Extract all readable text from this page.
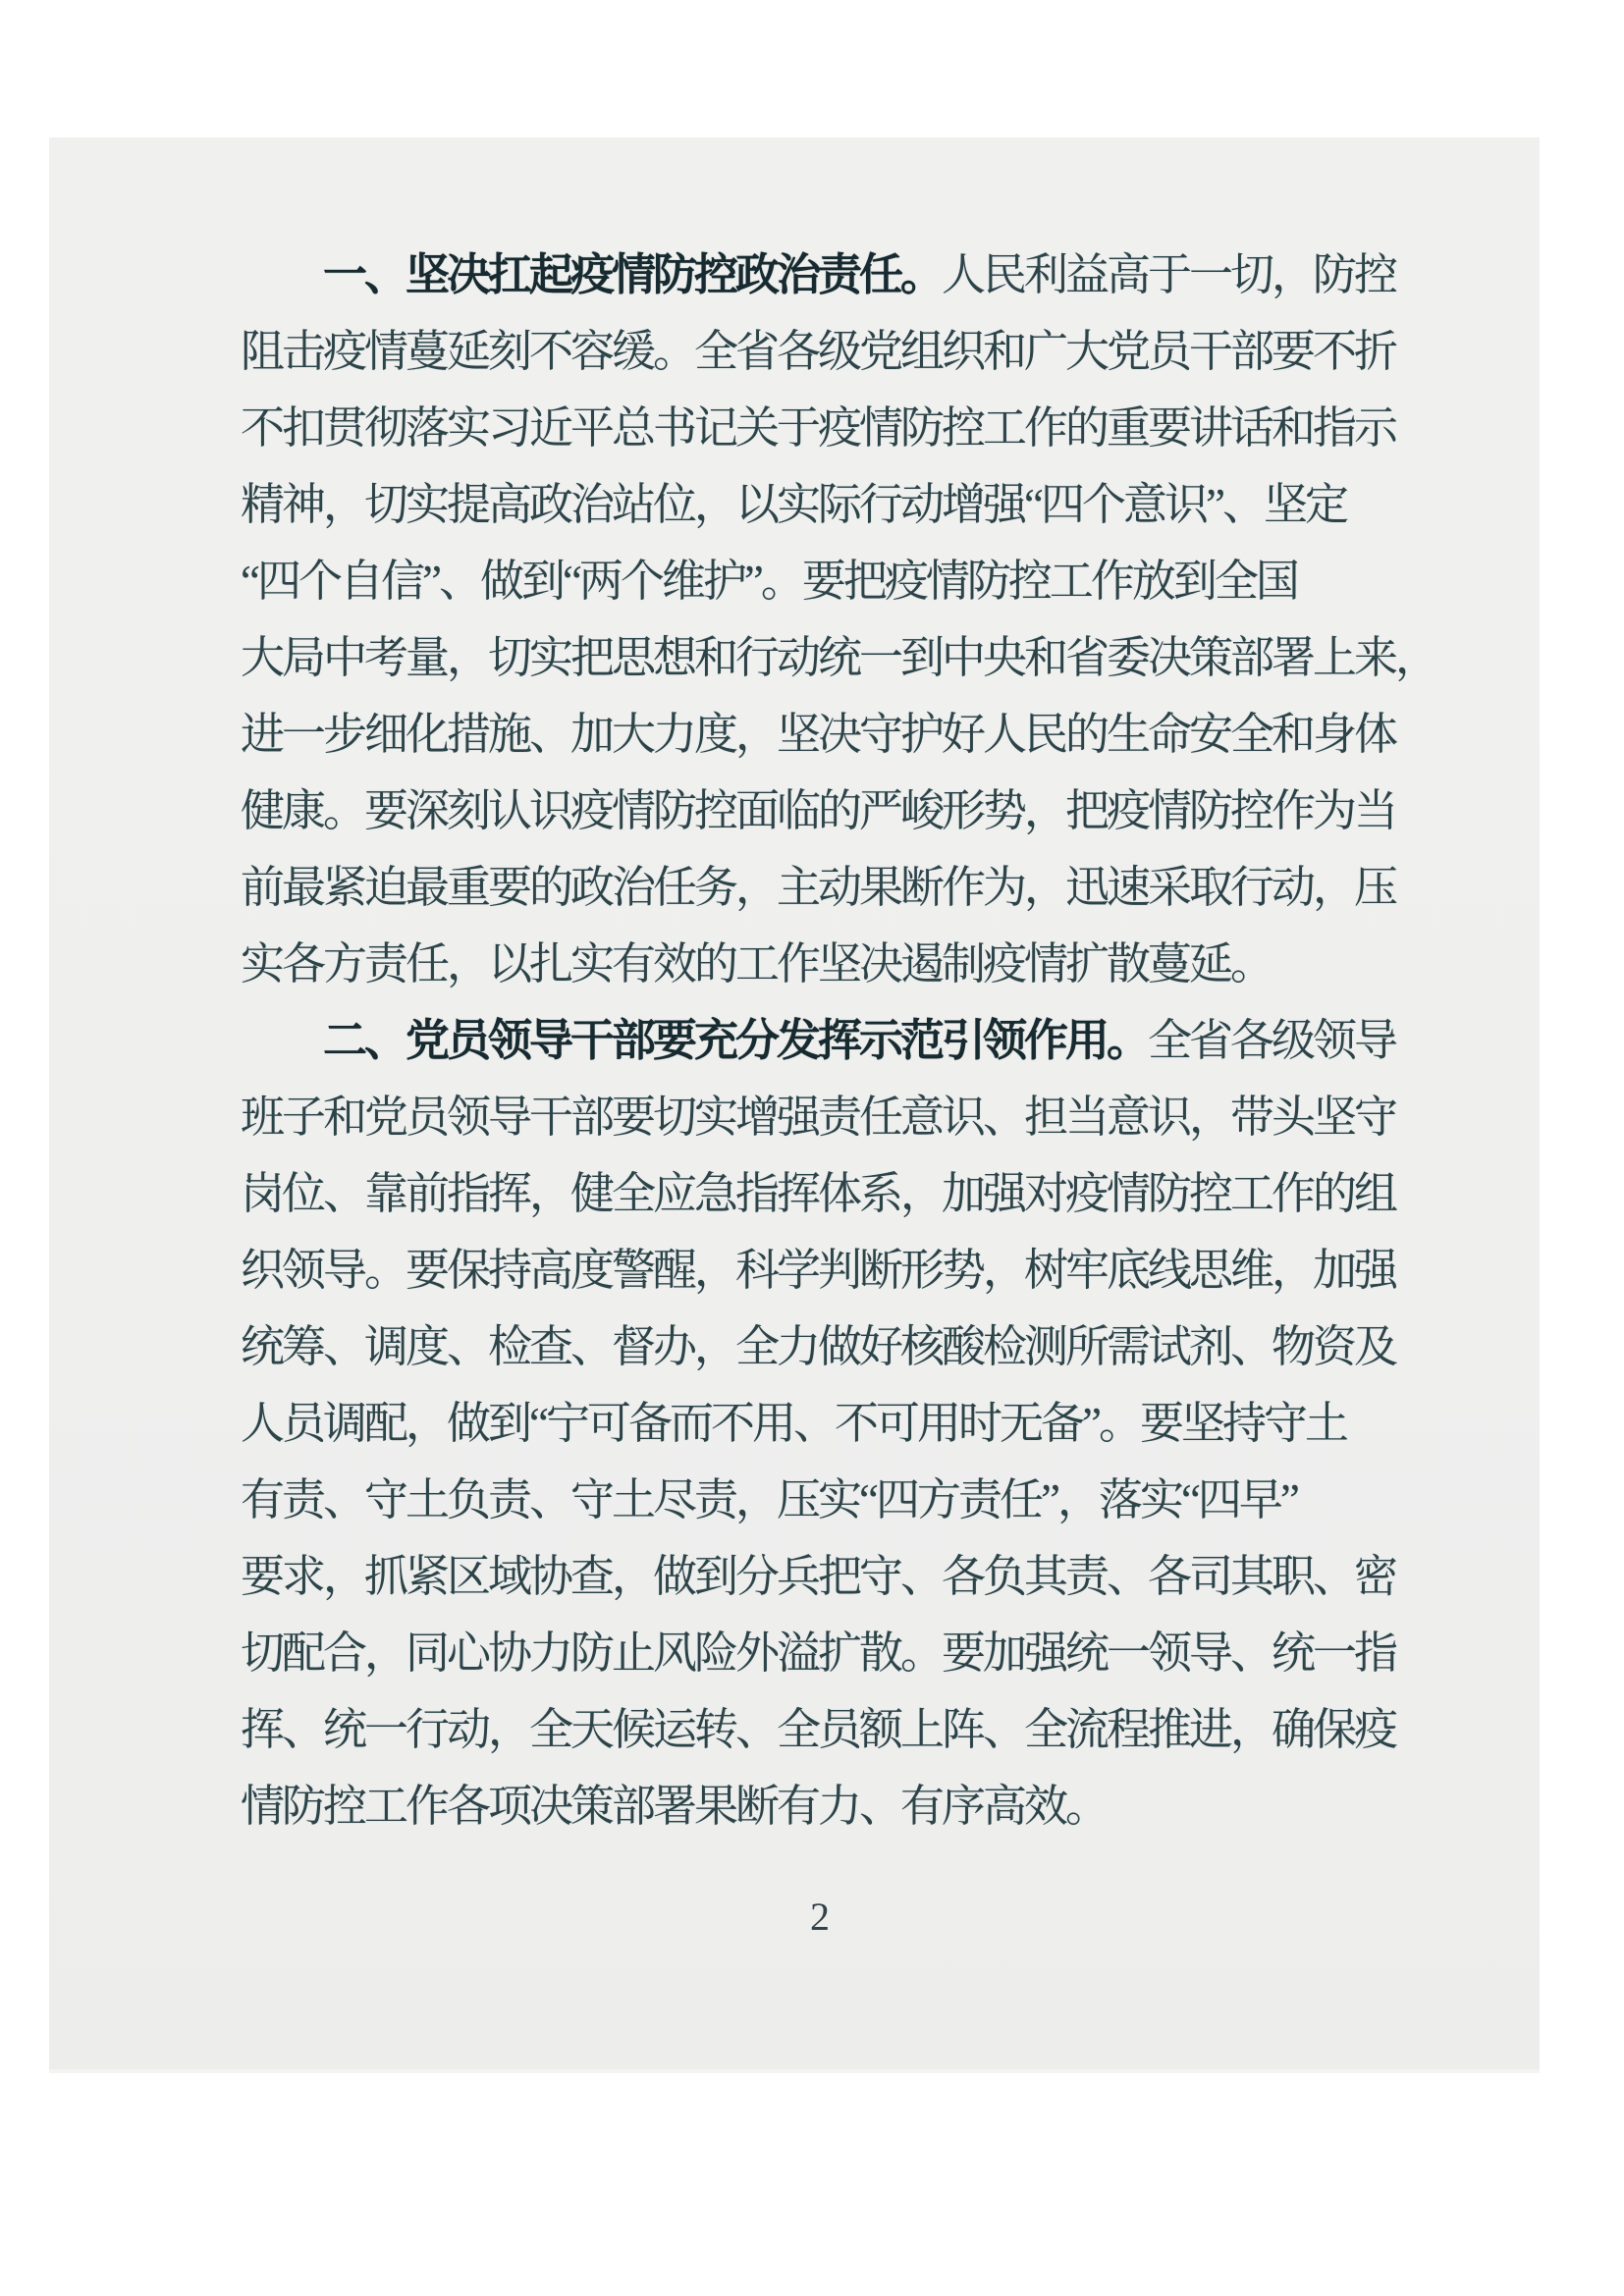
一、坚决扛起疫情防控政治责任。人民利益高于一切，防控
阻击疫情蔓延刻不容缓。全省各级党组织和广大党员干部要不折
不扣贯彻落实习近平总书记关于疫情防控工作的重要讲话和指示
精神，切实提高政治站位，以实际行动增强“四个意识”、坚定
“四个自信”、做到“两个维护”。要把疫情防控工作放到全国
大局中考量，切实把思想和行动统一到中央和省委决策部署上来，
进一步细化措施、加大力度，坚决守护好人民的生命安全和身体
健康。要深刻认识疫情防控面临的严峻形势，把疫情防控作为当
前最紧迫最重要的政治任务，主动果断作为，迅速采取行动，压
实各方责任，以扎实有效的工作坚决遏制疫情扩散蔓延。
二、党员领导干部要充分发挥示范引领作用。全省各级领导
班子和党员领导干部要切实增强责任意识、担当意识，带头坚守
岗位、靠前指挥，健全应急指挥体系，加强对疫情防控工作的组
织领导。要保持高度警醒，科学判断形势，树牢底线思维，加强
统筹、调度、检查、督办，全力做好核酸检测所需试剂、物资及
人员调配，做到“宁可备而不用、不可用时无备”。要坚持守土
有责、守土负责、守土尽责，压实“四方责任”，落实“四早”
要求，抓紧区域协查，做到分兵把守、各负其责、各司其职、密
切配合，同心协力防止风险外溢扩散。要加强统一领导、统一指
挥、统一行动，全天候运转、全员额上阵、全流程推进，确保疫
情防控工作各项决策部署果断有力、有序高效。
2
